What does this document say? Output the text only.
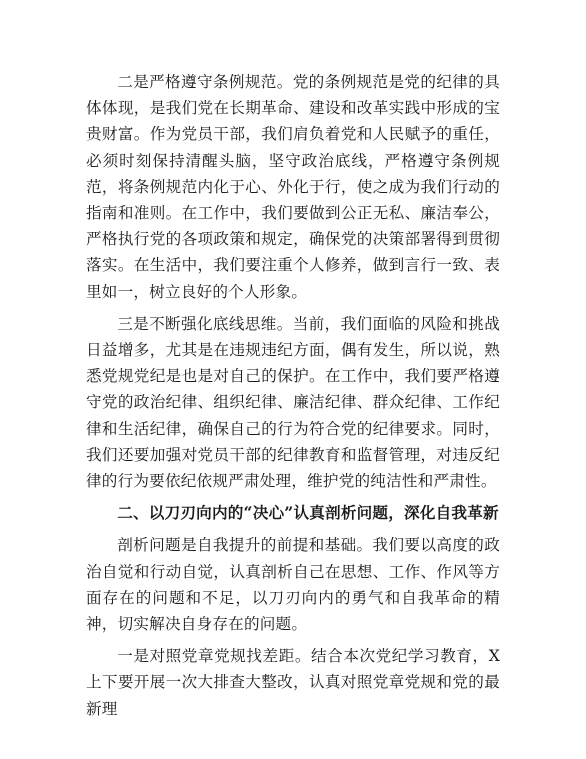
二是严格遵守条例规范。党的条例规范是党的纪律的具体体现，是我们党在长期革命、建设和改革实践中形成的宝贵财富。作为党员干部，我们肩负着党和人民赋予的重任，必须时刻保持清醒头脑，坚守政治底线，严格遵守条例规范，将条例规范内化于心、外化于行，使之成为我们行动的指南和准则。在工作中，我们要做到公正无私、廉洁奉公，严格执行党的各项政策和规定，确保党的决策部署得到贯彻落实。在生活中，我们要注重个人修养，做到言行一致、表里如一，树立良好的个人形象。

三是不断强化底线思维。当前，我们面临的风险和挑战日益增多，尤其是在违规违纪方面，偶有发生，所以说，熟悉党规党纪是也是对自己的保护。在工作中，我们要严格遵守党的政治纪律、组织纪律、廉洁纪律、群众纪律、工作纪律和生活纪律，确保自己的行为符合党的纪律要求。同时，我们还要加强对党员干部的纪律教育和监督管理，对违反纪律的行为要依纪依规严肃处理，维护党的纯洁性和严肃性。

二、以刀刃向内的“决心”认真剖析问题，深化自我革新

剖析问题是自我提升的前提和基础。我们要以高度的政治自觉和行动自觉，认真剖析自己在思想、工作、作风等方面存在的问题和不足，以刀刃向内的勇气和自我革命的精神，切实解决自身存在的问题。

一是对照党章党规找差距。结合本次党纪学习教育，X上下要开展一次大排查大整改，认真对照党章党规和党的最新理
